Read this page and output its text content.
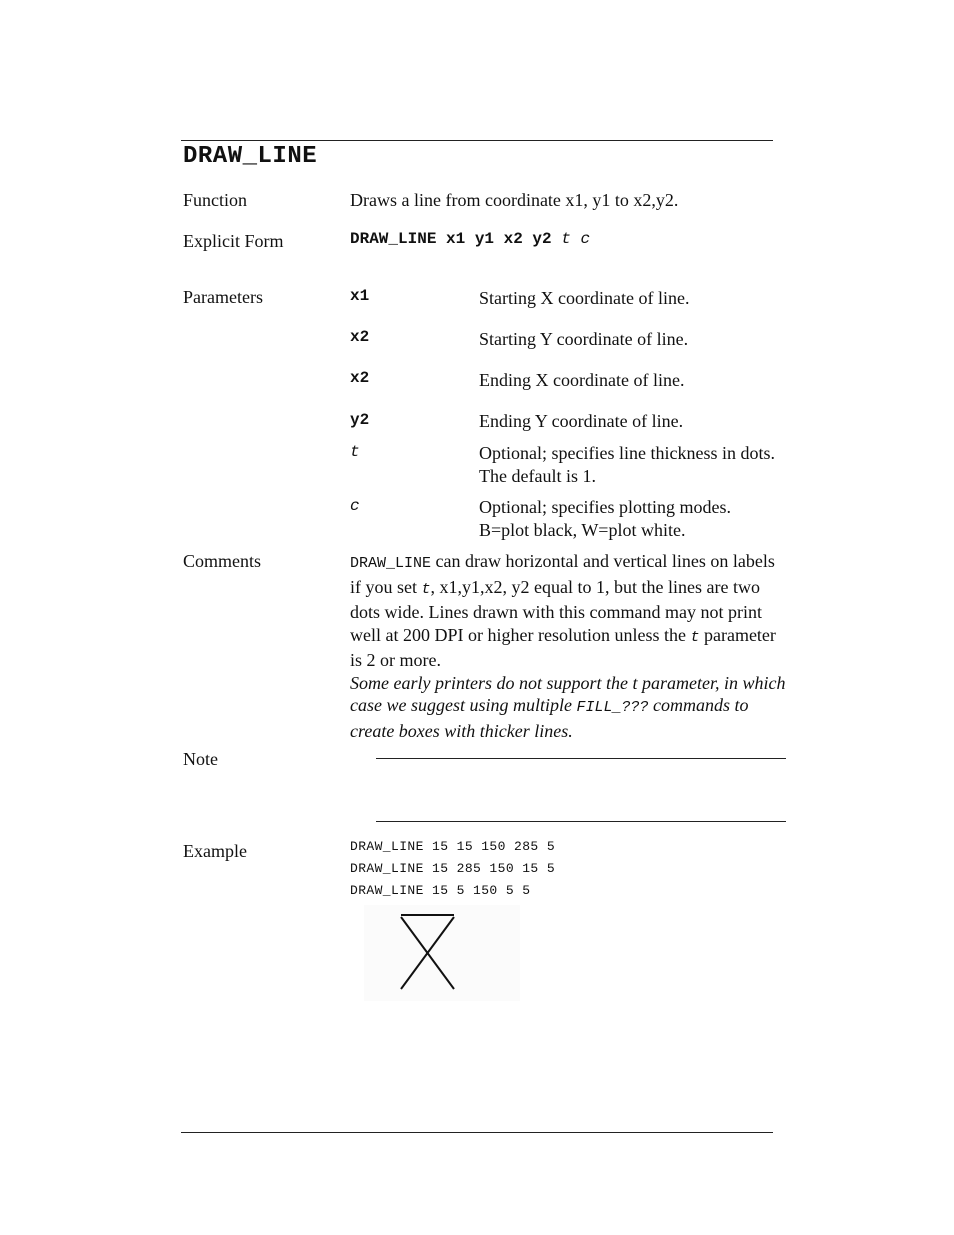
DRAW_LINE
Function	Draws a line from coordinate x1, y1 to x2,y2.
Explicit Form	DRAW_LINE x1 y1 x2 y2 t c
Parameters	x1	Starting X coordinate of line.
x2	Starting Y coordinate of line.
x2	Ending X coordinate of line.
y2	Ending Y coordinate of line.
t	Optional; specifies line thickness in dots. The default is 1.
c	Optional; specifies plotting modes. B=plot black, W=plot white.
Comments	DRAW_LINE can draw horizontal and vertical lines on labels if you set t, x1,y1,x2, y2 equal to 1, but the lines are two dots wide. Lines drawn with this command may not print well at 200 DPI or higher resolution unless the t parameter is 2 or more.
Some early printers do not support the t parameter, in which case we suggest using multiple FILL_??? commands to create boxes with thicker lines.
Note
Example	DRAW_LINE 15 15 150 285 5
DRAW_LINE 15 285 150 15 5
DRAW_LINE 15 5 150 5 5
